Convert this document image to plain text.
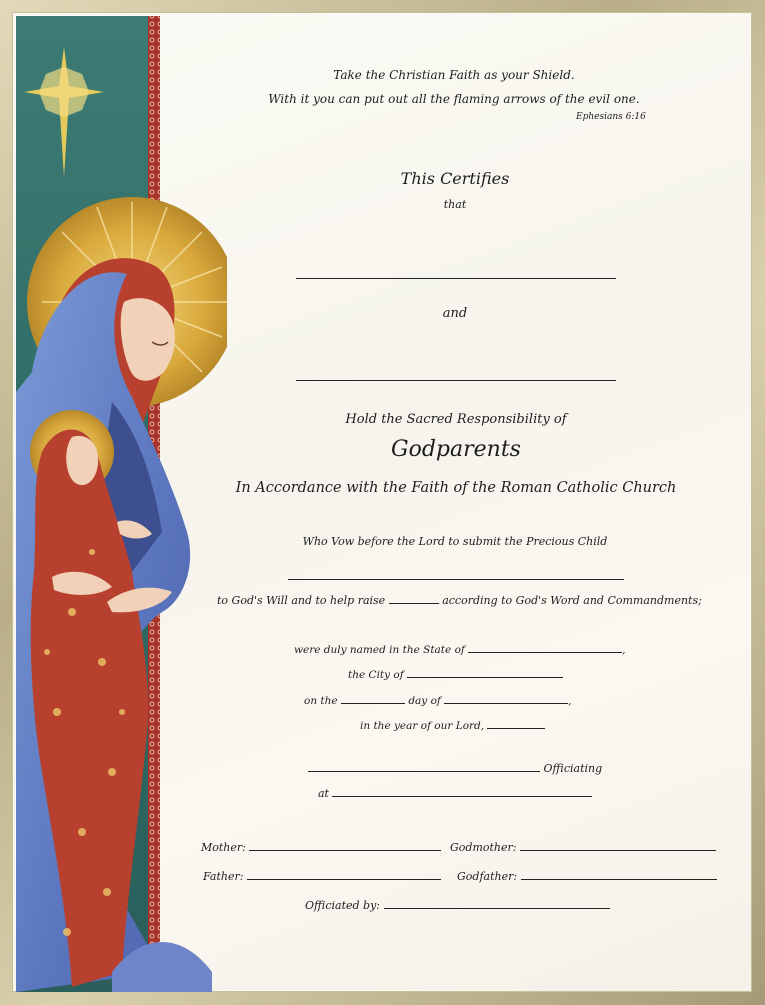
Take the Christian Faith as your Shield.
With it you can put out all the flaming arrows of the evil one.
Ephesians 6:16
This Certifies
that
and
Hold the Sacred Responsibility of
Godparents
In Accordance with the Faith of the Roman Catholic Church
Who Vow before the Lord to submit the Precious Child
to God's Will and to help raise	according to God's Word and Commandments;
were duly named in the State of	,
the City of
on the	day of	,
in the year of our Lord,
Officiating
at
Mother:	Godmother:
Father:	Godfather:
Officiated by:
